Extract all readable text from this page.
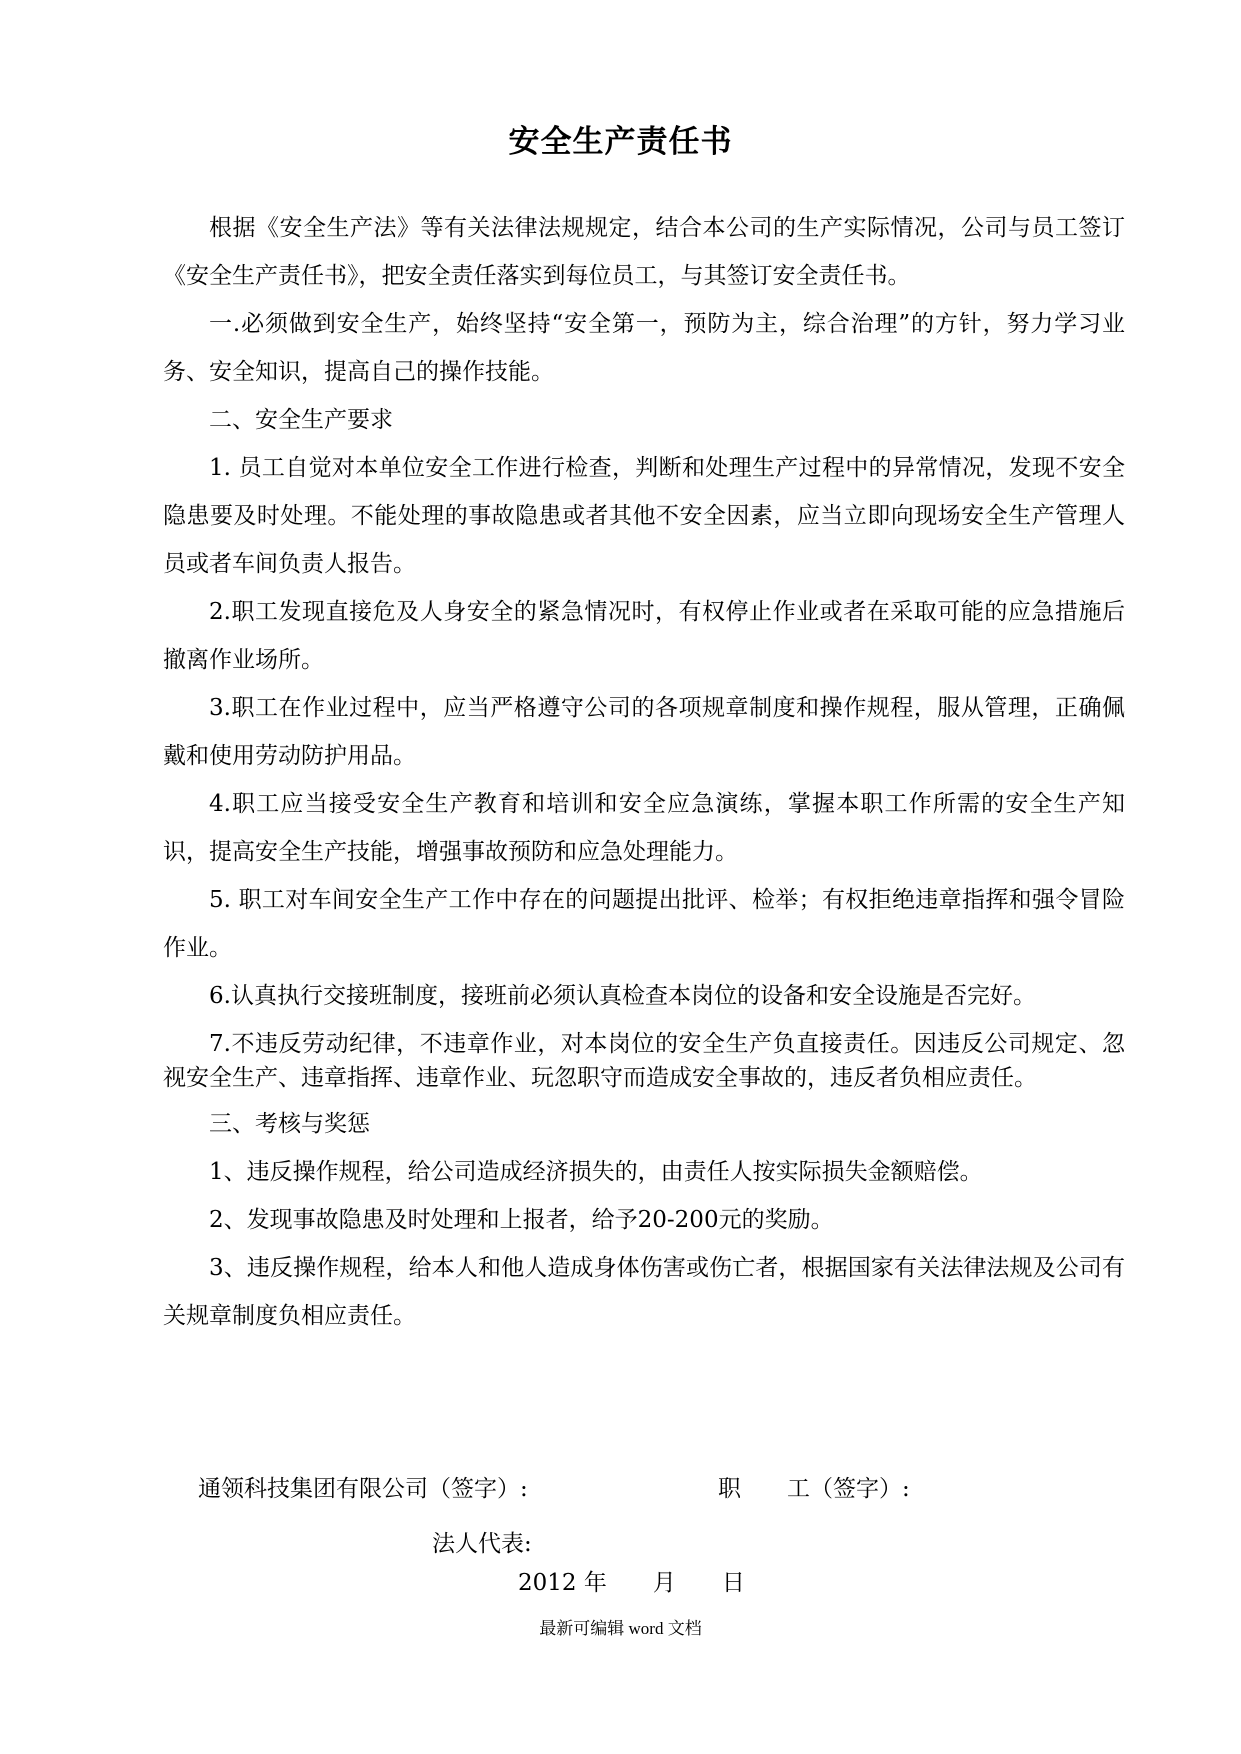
安全生产责任书

根据《安全生产法》等有关法律法规规定，结合本公司的生产实际情况，公司与员工签订《安全生产责任书》，把安全责任落实到每位员工，与其签订安全责任书。

一.必须做到安全生产，始终坚持“安全第一，预防为主，综合治理”的方针，努力学习业务、安全知识，提高自己的操作技能。

二、安全生产要求

1. 员工自觉对本单位安全工作进行检查，判断和处理生产过程中的异常情况，发现不安全隐患要及时处理。不能处理的事故隐患或者其他不安全因素，应当立即向现场安全生产管理人员或者车间负责人报告。

2.职工发现直接危及人身安全的紧急情况时，有权停止作业或者在采取可能的应急措施后撤离作业场所。

3.职工在作业过程中，应当严格遵守公司的各项规章制度和操作规程，服从管理，正确佩戴和使用劳动防护用品。

4.职工应当接受安全生产教育和培训和安全应急演练，掌握本职工作所需的安全生产知识，提高安全生产技能，增强事故预防和应急处理能力。

5. 职工对车间安全生产工作中存在的问题提出批评、检举；有权拒绝违章指挥和强令冒险作业。

6.认真执行交接班制度，接班前必须认真检查本岗位的设备和安全设施是否完好。

7.不违反劳动纪律，不违章作业，对本岗位的安全生产负直接责任。因违反公司规定、忽视安全生产、违章指挥、违章作业、玩忽职守而造成安全事故的，违反者负相应责任。

三、考核与奖惩

1、违反操作规程，给公司造成经济损失的，由责任人按实际损失金额赔偿。

2、发现事故隐患及时处理和上报者，给予20-200元的奖励。

3、违反操作规程，给本人和他人造成身体伤害或伤亡者，根据国家有关法律法规及公司有关规章制度负相应责任。

通领科技集团有限公司（签字）:	职　　工（签字）:
法人代表:
2012 年　　月　　日
最新可编辑 word 文档
